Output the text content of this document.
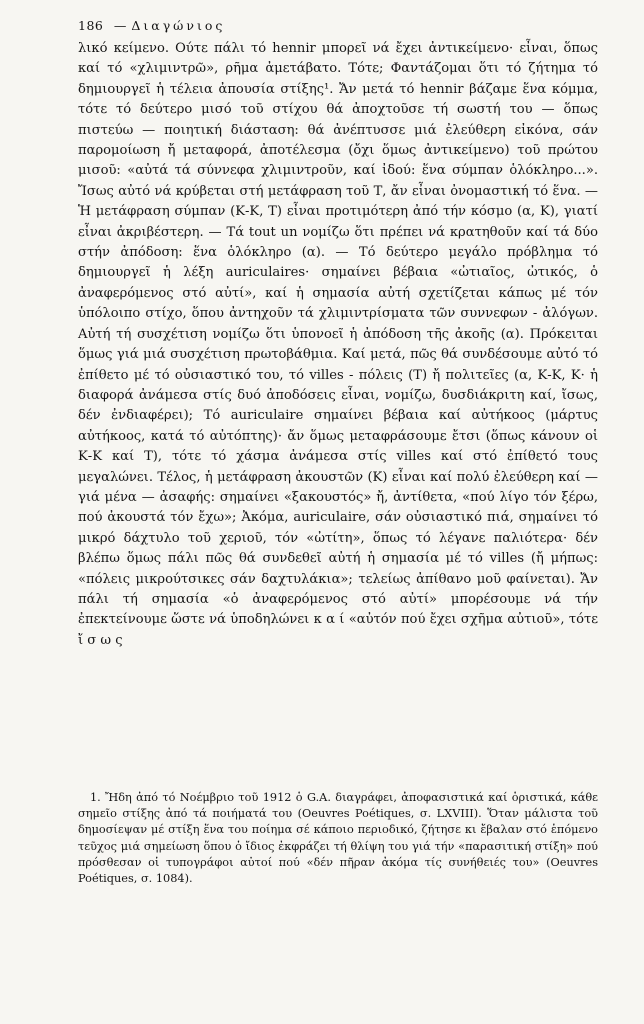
186 — Διαγώνιος

λικό κείμενο. Ούτε πάλι τό hennir μπορεῖ νά ἔχει ἀντικείμενο· εἶναι, ὅπως καί τό «χλιμιντρῶ», ρῆμα ἀμετάβατο. Τότε; Φαντάζομαι ὅτι τό ζήτημα τό δημιουργεῖ ἡ τέλεια ἀπουσία στίξης¹. Ἄν μετά τό hennir βάζαμε ἕνα κόμμα, τότε τό δεύτερο μισό τοῦ στίχου θά ἀποχτοῦσε τή σωστή του — ὅπως πιστεύω — ποιητική διάσταση: θά ἀνέπτυσσε μιά ἐλεύθερη εἰκόνα, σάν παρομοίωση ἤ μεταφορά, ἀποτέλεσμα (ὄχι ὅμως ἀντικείμενο) τοῦ πρώτου μισοῦ: «αὐτά τά σύννεφα χλιμιντροῦν, καί ἰδού: ἕνα σύμπαν ὁλόκληρο...». Ἴσως αὐτό νά κρύβεται στή μετάφραση τοῦ Τ, ἄν εἶναι ὀνομαστική τό ἕνα. — Ἡ μετάφραση σύμπαν (Κ-Κ, Τ) εἶναι προτιμότερη ἀπό τήν κόσμο (α, Κ), γιατί εἶναι ἀκριβέστερη. — Τά tout un νομίζω ὅτι πρέπει νά κρατηθοῦν καί τά δύο στήν ἀπόδοση: ἕνα ὁλόκληρο (α). — Τό δεύτερο μεγάλο πρόβλημα τό δημιουργεῖ ἡ λέξη auriculaires· σημαίνει βέβαια «ὠτιαῖος, ὠτικός, ὁ ἀναφερόμενος στό αὐτί», καί ἡ σημασία αὐτή σχετίζεται κάπως μέ τόν ὑπόλοιπο στίχο, ὅπου ἀντηχοῦν τά χλιμιντρίσματα τῶν συννεφων - ἀλόγων. Αὐτή τή συσχέτιση νομίζω ὅτι ὑπονοεῖ ἡ ἀπόδοση τῆς ἀκοῆς (α). Πρόκειται ὅμως γιά μιά συσχέτιση πρωτοβάθμια. Καί μετά, πῶς θά συνδέσουμε αὐτό τό ἐπίθετο μέ τό οὐσιαστικό του, τό villes - πόλεις (Τ) ἤ πολιτεῖες (α, Κ-Κ, Κ· ἡ διαφορά ἀνάμεσα στίς δυό ἀποδόσεις εἶναι, νομίζω, δυσδιάκριτη καί, ἴσως, δέν ἐνδιαφέρει); Τό auriculaire σημαίνει βέβαια καί αὐτήκοος (μάρτυς αὐτήκοος, κατά τό αὐτόπτης)· ἄν ὅμως μεταφράσουμε ἔτσι (ὅπως κάνουν οἱ Κ-Κ καί Τ), τότε τό χάσμα ἀνάμεσα στίς villes καί στό ἐπίθετό τους μεγαλώνει. Τέλος, ἡ μετάφραση ἀκουστῶν (Κ) εἶναι καί πολύ ἐλεύθερη καί — γιά μένα — ἀσαφής: σημαίνει «ξακουστός» ἤ, ἀντίθετα, «πού λίγο τόν ξέρω, πού ἀκουστά τόν ἔχω»; Ἀκόμα, auriculaire, σάν οὐσιαστικό πιά, σημαίνει τό μικρό δάχτυλο τοῦ χεριοῦ, τόν «ὠτίτη», ὅπως τό λέγανε παλιότερα· δέν βλέπω ὅμως πάλι πῶς θά συνδεθεῖ αὐτή ἡ σημασία μέ τό villes (ἤ μήπως: «πόλεις μικρούτσικες σάν δαχτυλάκια»; τελείως ἀπίθανο μοῦ φαίνεται). Ἄν πάλι τή σημασία «ὁ ἀναφερόμενος στό αὐτί» μπορέσουμε νά τήν ἐπεκτείνουμε ὥστε νά ὑποδηλώνει κ α ί «αὐτόν πού ἔχει σχῆμα αὐτιοῦ», τότε ἴ σ ω ς

1. Ἤδη ἀπό τό Νοέμβριο τοῦ 1912 ὁ G.A. διαγράφει, ἀποφασιστικά καί ὁριστικά, κάθε σημεῖο στίξης ἀπό τά ποιήματά του (Oeuvres Poétiques, σ. LXVIII). Ὅταν μάλιστα τοῦ δημοσίεψαν μέ στίξη ἕνα του ποίημα σέ κάποιο περιοδικό, ζήτησε κι ἔβαλαν στό ἑπόμενο τεῦχος μιά σημείωση ὅπου ὁ ἴδιος ἐκφράζει τή θλίψη του γιά τήν «παρασιτική στίξη» πού πρόσθεσαν οἱ τυπογράφοι αὐτοί πού «δέν πῆραν ἀκόμα τίς συνήθειές του» (Oeuvres Poétiques, σ. 1084).
